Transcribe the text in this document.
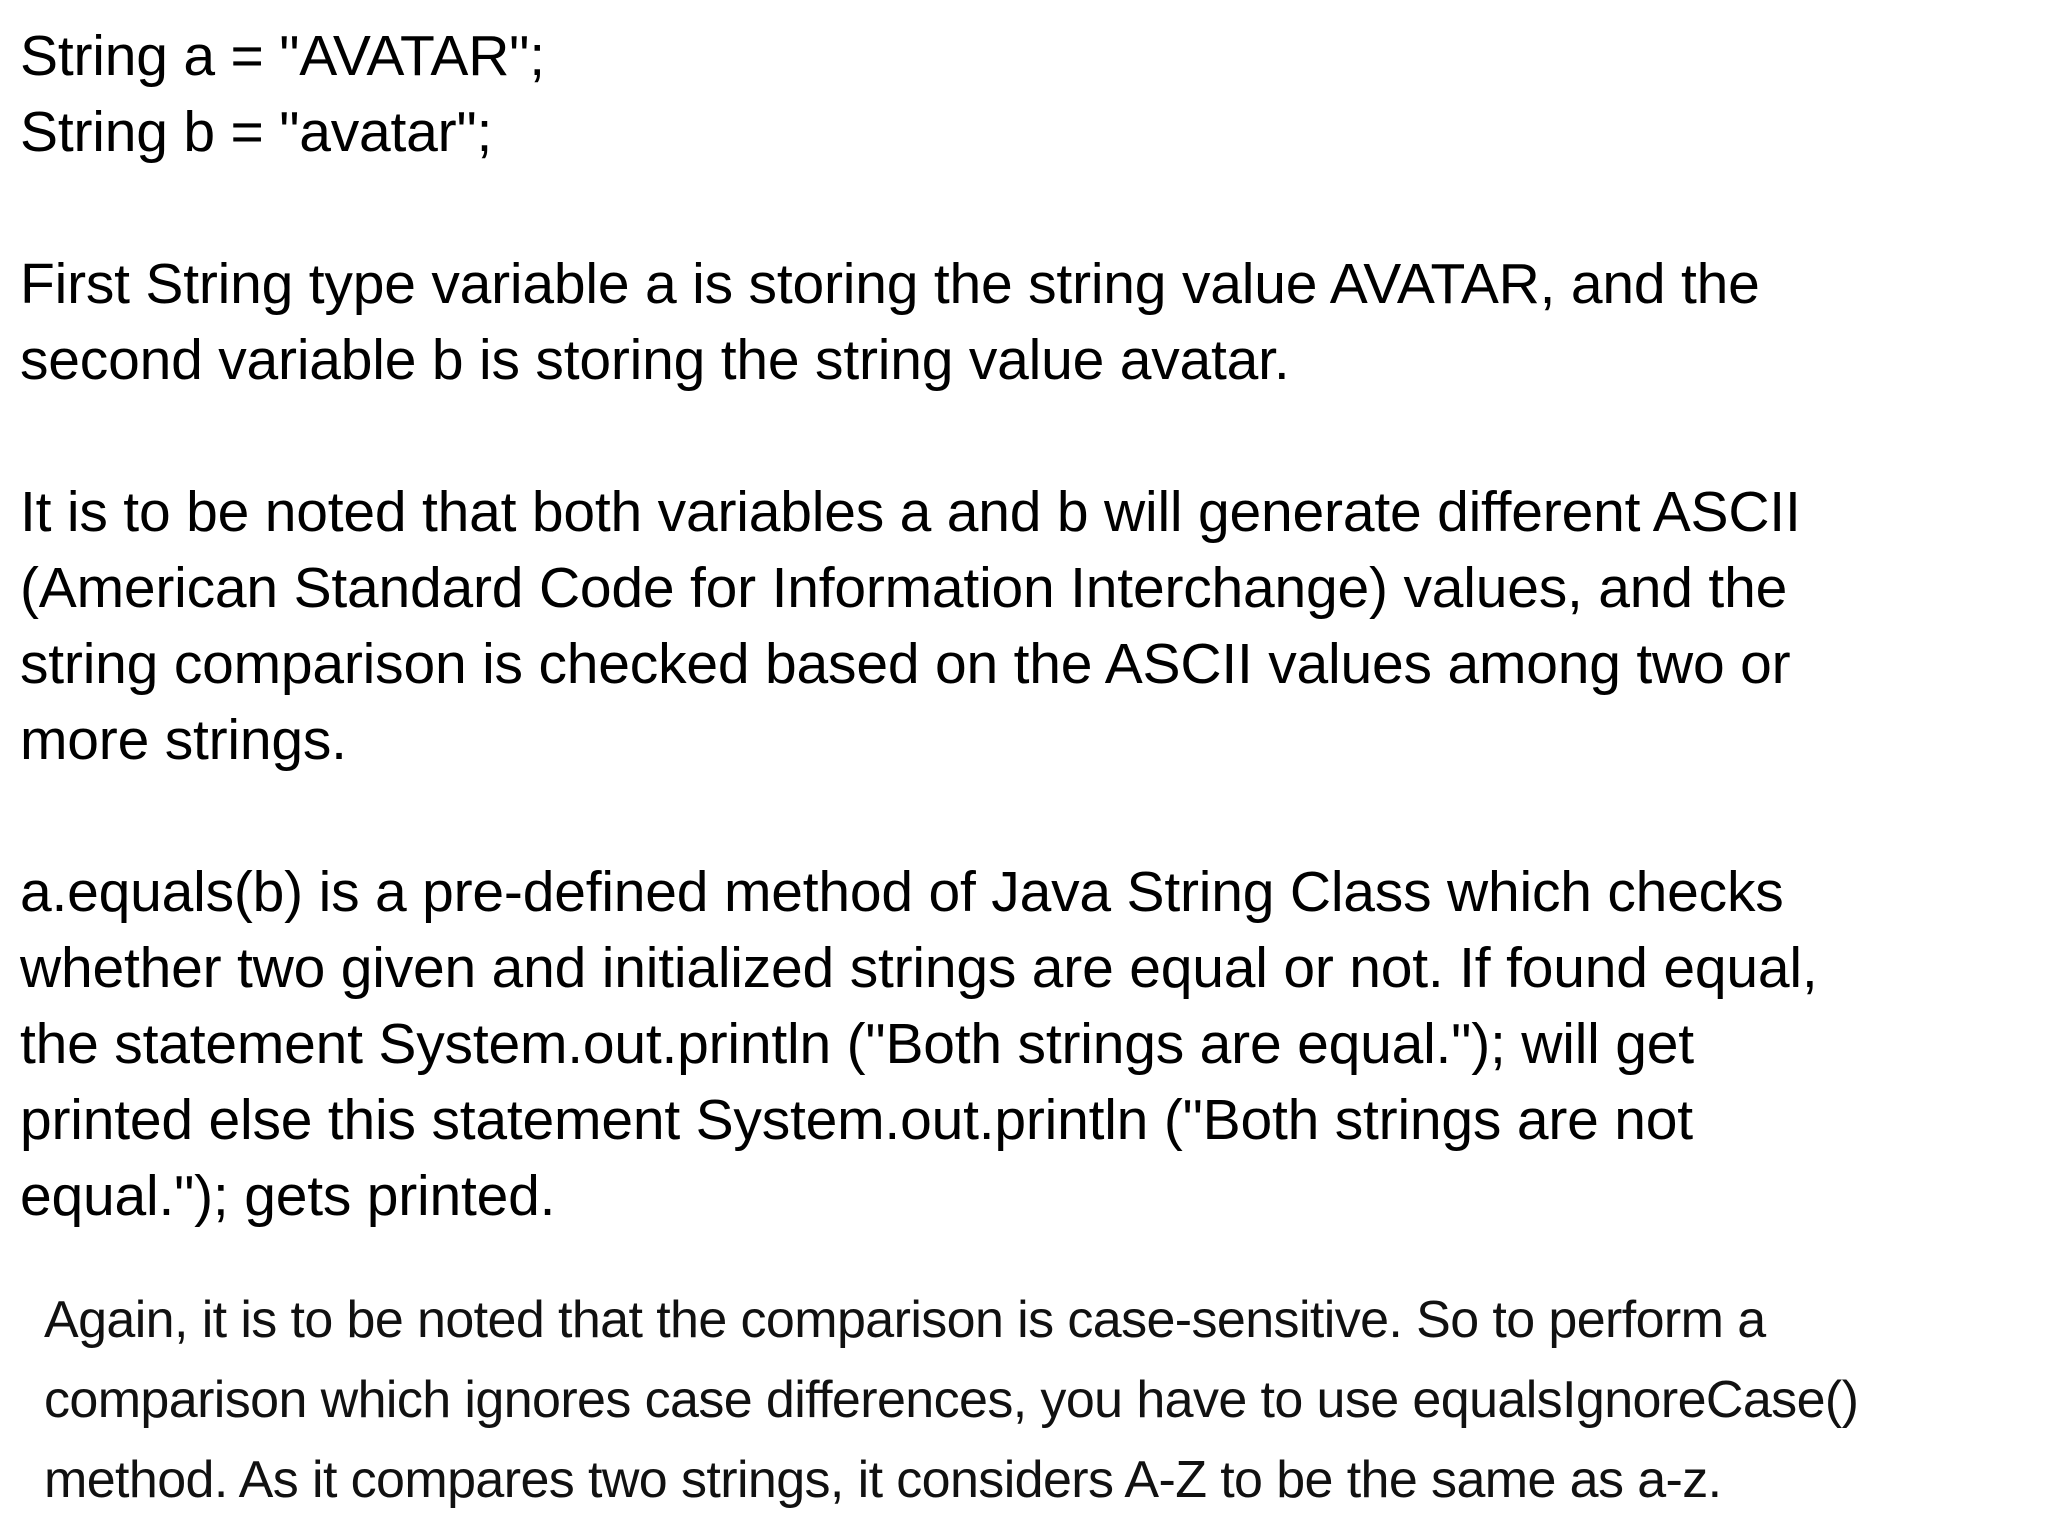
String a = "AVATAR";
String b = "avatar";
First String type variable a is storing the string value AVATAR, and the
second variable b is storing the string value avatar.
It is to be noted that both variables a and b will generate different ASCII
(American Standard Code for Information Interchange) values, and the
string comparison is checked based on the ASCII values among two or
more strings.
a.equals(b) is a pre-defined method of Java String Class which checks
whether two given and initialized strings are equal or not. If found equal,
the statement System.out.println ("Both strings are equal."); will get
printed else this statement System.out.println ("Both strings are not
equal."); gets printed.
Again, it is to be noted that the comparison is case-sensitive. So to perform a
comparison which ignores case differences, you have to use equalsIgnoreCase()
method. As it compares two strings, it considers A-Z to be the same as a-z.
